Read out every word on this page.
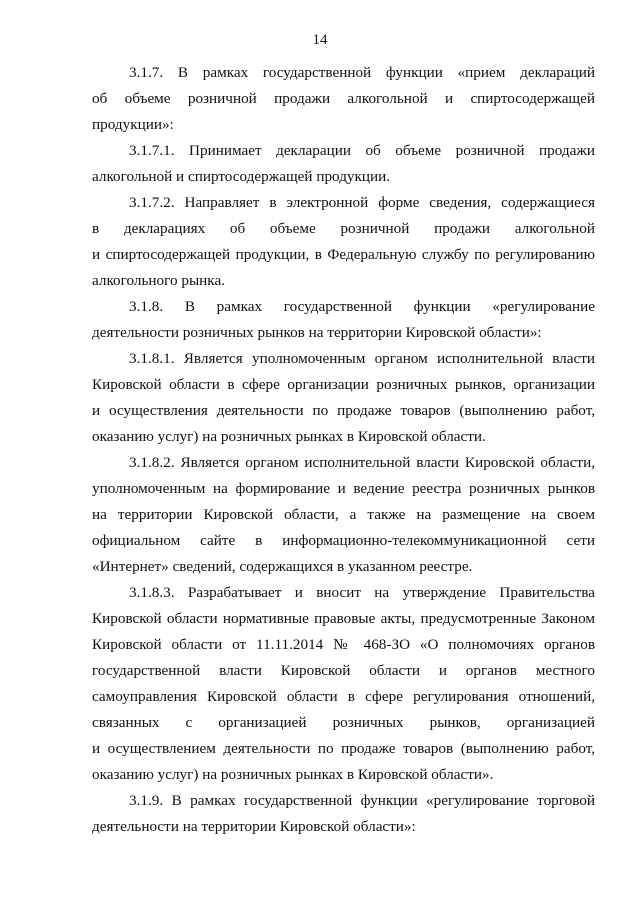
14

3.1.7. В рамках государственной функции «прием деклараций
об объеме розничной продажи алкогольной и спиртосодержащей
продукции»:

3.1.7.1. Принимает декларации об объеме розничной продажи
алкогольной и спиртосодержащей продукции.

3.1.7.2. Направляет в электронной форме сведения, содержащиеся
в декларациях об объеме розничной продажи алкогольной
и спиртосодержащей продукции, в Федеральную службу по регулированию
алкогольного рынка.

3.1.8. В рамках государственной функции «регулирование
деятельности розничных рынков на территории Кировской области»:

3.1.8.1. Является уполномоченным органом исполнительной власти
Кировской области в сфере организации розничных рынков, организации
и осуществления деятельности по продаже товаров (выполнению работ,
оказанию услуг) на розничных рынках в Кировской области.

3.1.8.2. Является органом исполнительной власти Кировской области,
уполномоченным на формирование и ведение реестра розничных рынков
на территории Кировской области, а также на размещение на своем
официальном сайте в информационно-телекоммуникационной сети
«Интернет» сведений, содержащихся в указанном реестре.

3.1.8.3. Разрабатывает и вносит на утверждение Правительства
Кировской области нормативные правовые акты, предусмотренные Законом
Кировской области от 11.11.2014 № 468-ЗО «О полномочиях органов
государственной власти Кировской области и органов местного
самоуправления Кировской области в сфере регулирования отношений,
связанных с организацией розничных рынков, организацией
и осуществлением деятельности по продаже товаров (выполнению работ,
оказанию услуг) на розничных рынках в Кировской области».

3.1.9. В рамках государственной функции «регулирование торговой
деятельности на территории Кировской области»:
